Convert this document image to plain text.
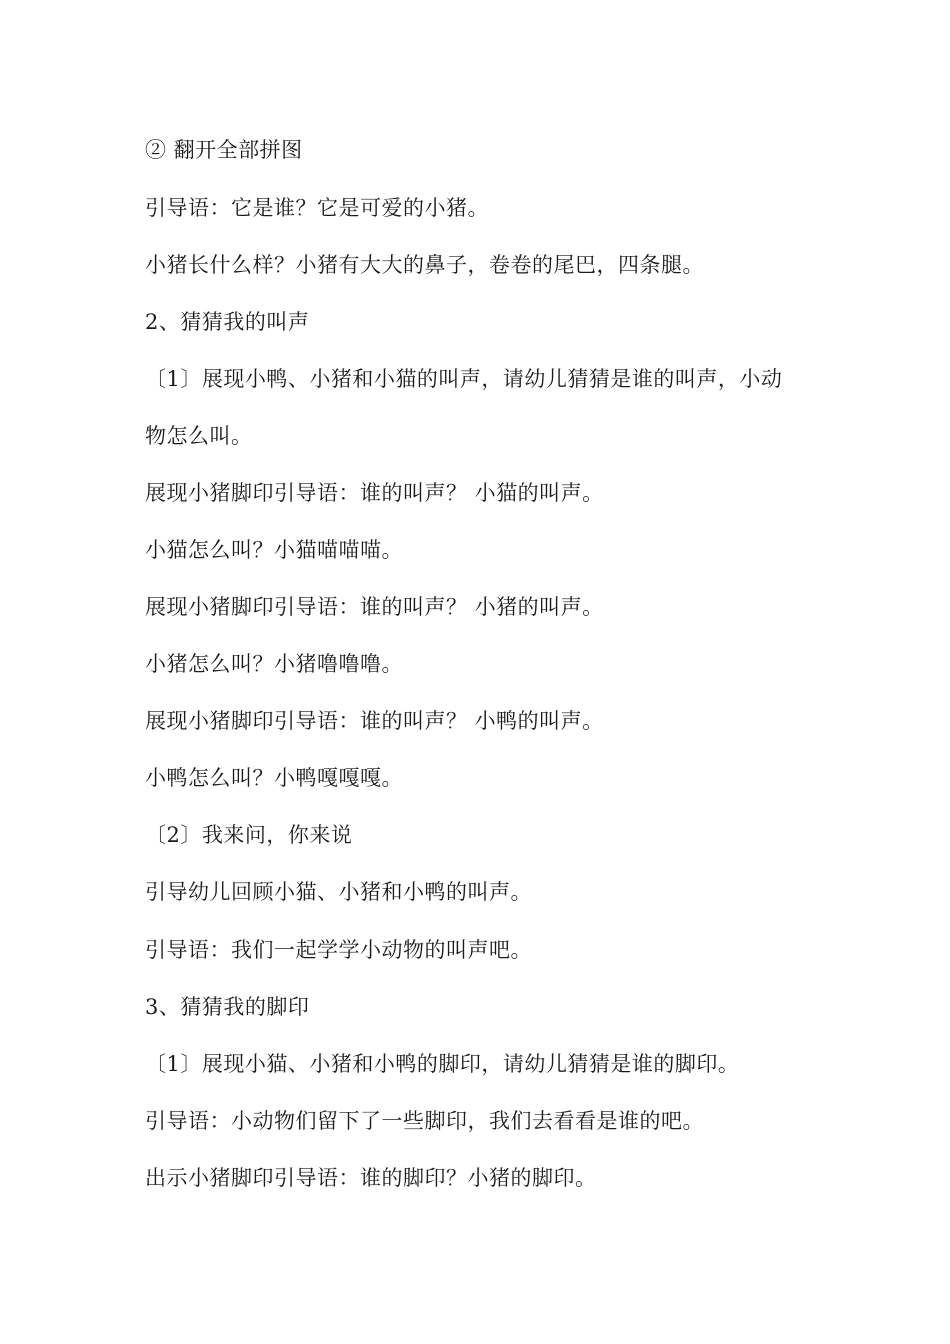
② 翻开全部拼图
引导语：它是谁？它是可爱的小猪。
小猪长什么样？小猪有大大的鼻子，卷卷的尾巴，四条腿。
2、猜猜我的叫声
〔1〕展现小鸭、小猪和小猫的叫声，请幼儿猜猜是谁的叫声，小动
物怎么叫。
展现小猪脚印引导语：谁的叫声？ 小猫的叫声。
小猫怎么叫？小猫喵喵喵。
展现小猪脚印引导语：谁的叫声？ 小猪的叫声。
小猪怎么叫？小猪噜噜噜。
展现小猪脚印引导语：谁的叫声？ 小鸭的叫声。
小鸭怎么叫？小鸭嘎嘎嘎。
〔2〕我来问，你来说
引导幼儿回顾小猫、小猪和小鸭的叫声。
引导语：我们一起学学小动物的叫声吧。
3、猜猜我的脚印
〔1〕展现小猫、小猪和小鸭的脚印，请幼儿猜猜是谁的脚印。
引导语：小动物们留下了一些脚印，我们去看看是谁的吧。
出示小猪脚印引导语：谁的脚印？小猪的脚印。
